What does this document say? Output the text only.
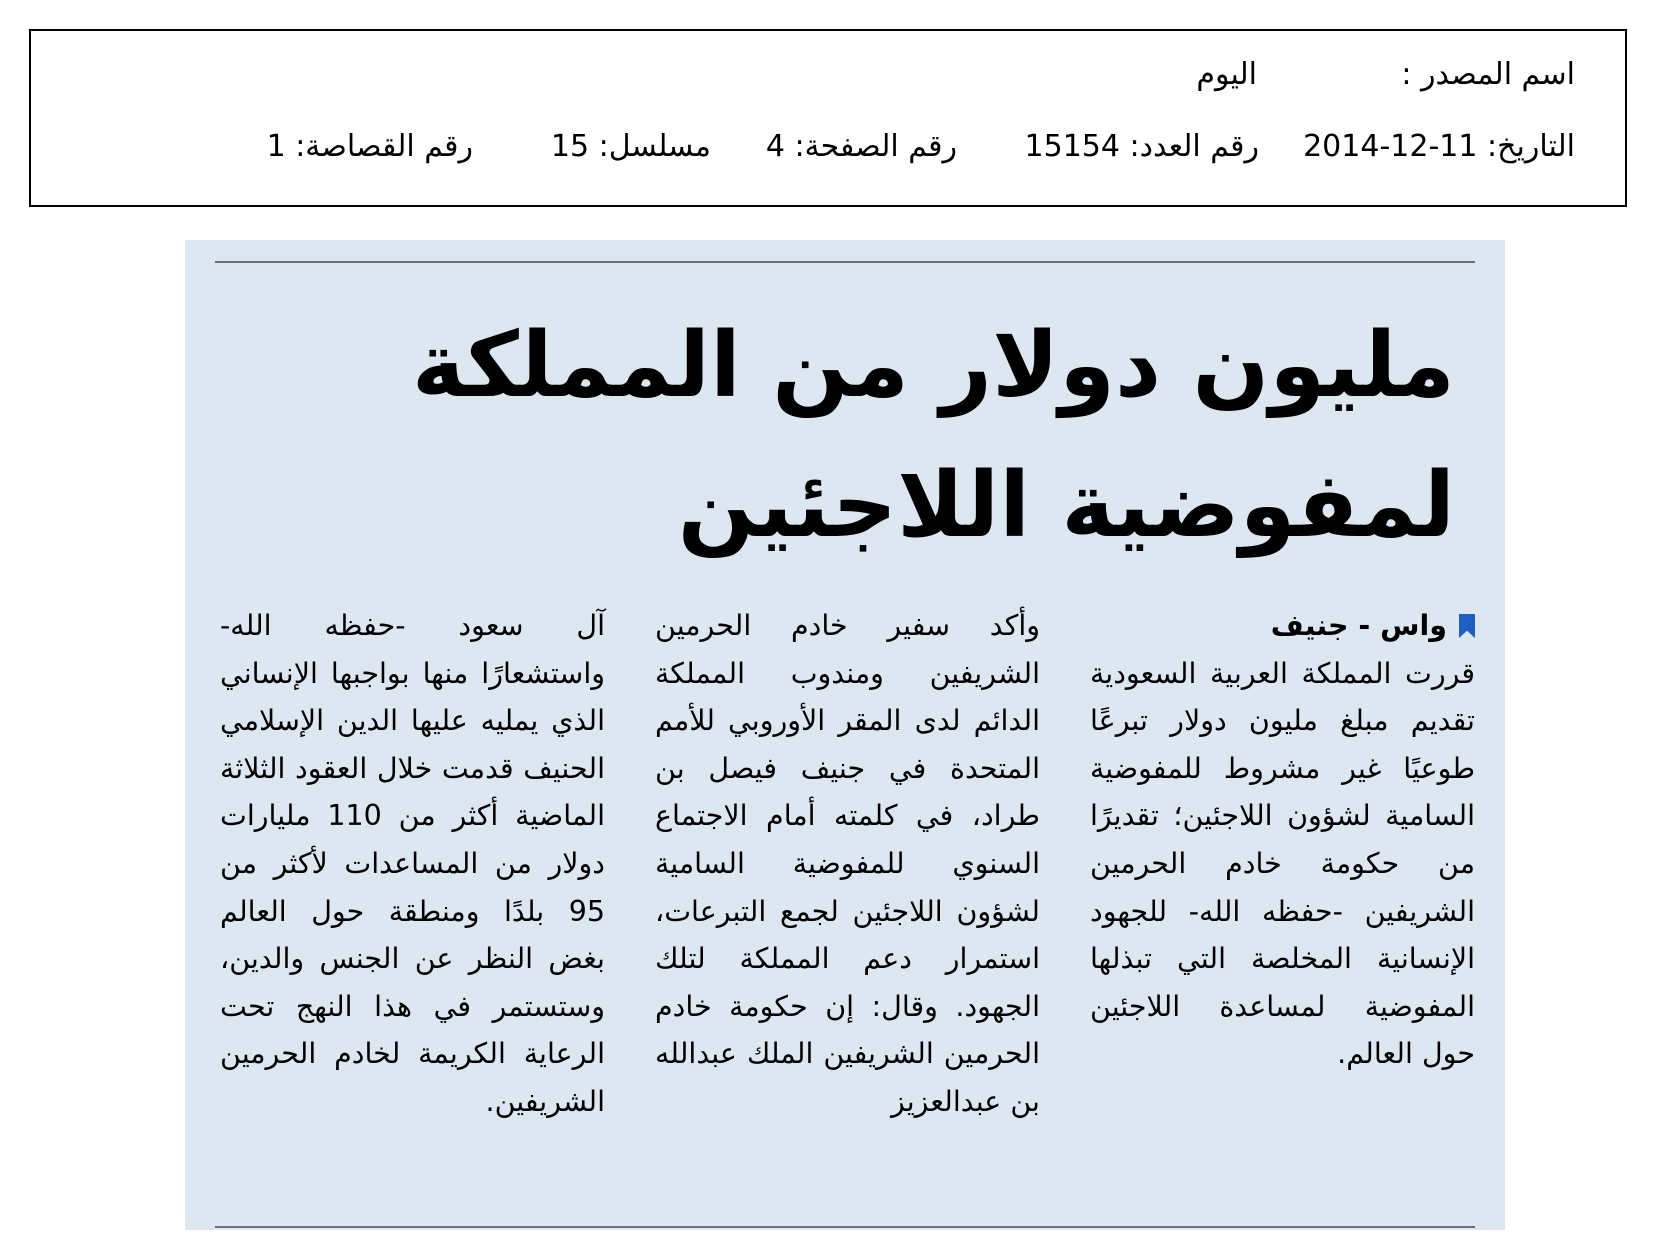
اسم المصدر :
اليوم
التاريخ: 11-12-2014
رقم العدد: 15154
رقم الصفحة: 4
مسلسل: 15
رقم القصاصة: 1
مليون دولار من المملكة لمفوضية اللاجئين
واس - جنيف
قررت المملكة العربية السعودية تقديم مبلغ مليون دولار تبرعًا طوعيًا غير مشروط للمفوضية السامية لشؤون اللاجئين؛ تقديرًا من حكومة خادم الحرمين الشريفين -حفظه الله- للجهود الإنسانية المخلصة التي تبذلها المفوضية لمساعدة اللاجئين حول العالم.
وأكد سفير خادم الحرمين الشريفين ومندوب المملكة الدائم لدى المقر الأوروبي للأمم المتحدة في جنيف فيصل بن طراد، في كلمته أمام الاجتماع السنوي للمفوضية السامية لشؤون اللاجئين لجمع التبرعات، استمرار دعم المملكة لتلك الجهود. وقال: إن حكومة خادم الحرمين الشريفين الملك عبدالله بن عبدالعزيز
آل سعود -حفظه الله- واستشعارًا منها بواجبها الإنساني الذي يمليه عليها الدين الإسلامي الحنيف قدمت خلال العقود الثلاثة الماضية أكثر من 110 مليارات دولار من المساعدات لأكثر من 95 بلدًا ومنطقة حول العالم بغض النظر عن الجنس والدين، وستستمر في هذا النهج تحت الرعاية الكريمة لخادم الحرمين الشريفين.
